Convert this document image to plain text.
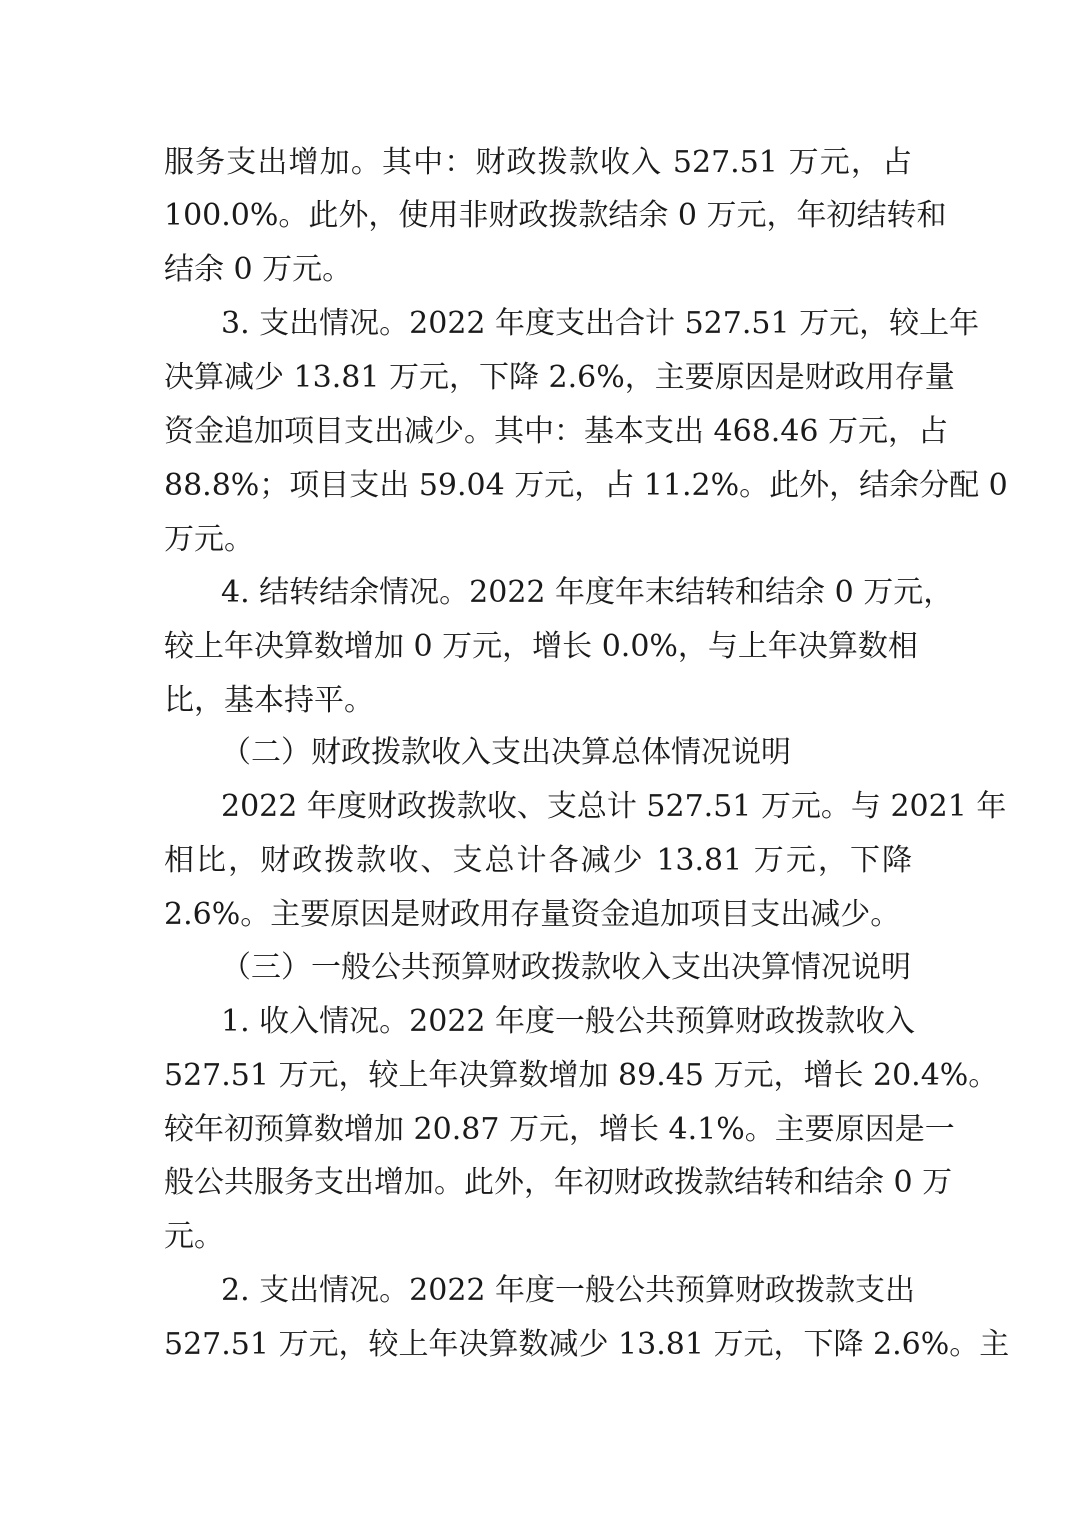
服务支出增加。其中：财政拨款收入 527.51 万元，占
100.0%。此外，使用非财政拨款结余 0 万元，年初结转和
结余 0 万元。
3. 支出情况。2022 年度支出合计 527.51 万元，较上年
决算减少 13.81 万元，下降 2.6%，主要原因是财政用存量
资金追加项目支出减少。其中：基本支出 468.46 万元，占
88.8%；项目支出 59.04 万元，占 11.2%。此外，结余分配 0
万元。
4. 结转结余情况。2022 年度年末结转和结余 0 万元，
较上年决算数增加 0 万元，增长 0.0%，与上年决算数相
比，基本持平。
（二）财政拨款收入支出决算总体情况说明
2022 年度财政拨款收、支总计 527.51 万元。与 2021 年
相比，财政拨款收、支总计各减少 13.81 万元，下降
2.6%。主要原因是财政用存量资金追加项目支出减少。
（三）一般公共预算财政拨款收入支出决算情况说明
1. 收入情况。2022 年度一般公共预算财政拨款收入
527.51 万元，较上年决算数增加 89.45 万元，增长 20.4%。
较年初预算数增加 20.87 万元，增长 4.1%。主要原因是一
般公共服务支出增加。此外，年初财政拨款结转和结余 0 万
元。
2. 支出情况。2022 年度一般公共预算财政拨款支出
527.51 万元，较上年决算数减少 13.81 万元，下降 2.6%。主
